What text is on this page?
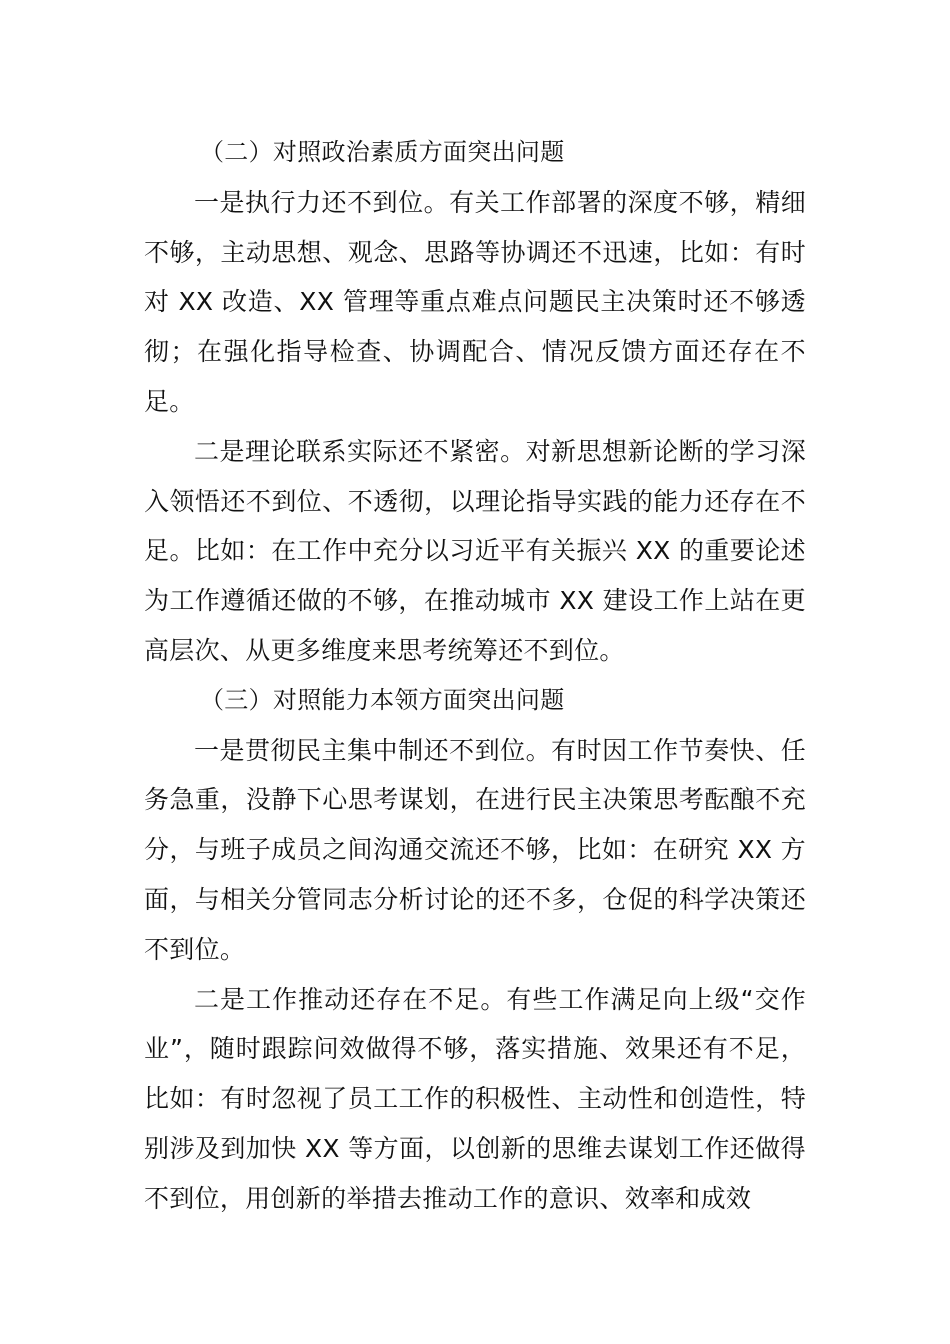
（二）对照政治素质方面突出问题

一是执行力还不到位。有关工作部署的深度不够，精细不够，主动思想、观念、思路等协调还不迅速，比如：有时对 XX 改造、XX 管理等重点难点问题民主决策时还不够透彻；在强化指导检查、协调配合、情况反馈方面还存在不足。

二是理论联系实际还不紧密。对新思想新论断的学习深入领悟还不到位、不透彻，以理论指导实践的能力还存在不足。比如：在工作中充分以习近平有关振兴 XX 的重要论述为工作遵循还做的不够，在推动城市 XX 建设工作上站在更高层次、从更多维度来思考统筹还不到位。

（三）对照能力本领方面突出问题

一是贯彻民主集中制还不到位。有时因工作节奏快、任务急重，没静下心思考谋划，在进行民主决策思考酝酿不充分，与班子成员之间沟通交流还不够，比如：在研究 XX 方面，与相关分管同志分析讨论的还不多，仓促的科学决策还不到位。

二是工作推动还存在不足。有些工作满足向上级“交作业”，随时跟踪问效做得不够，落实措施、效果还有不足，比如：有时忽视了员工工作的积极性、主动性和创造性，特别涉及到加快 XX 等方面，以创新的思维去谋划工作还做得不到位，用创新的举措去推动工作的意识、效率和成效
